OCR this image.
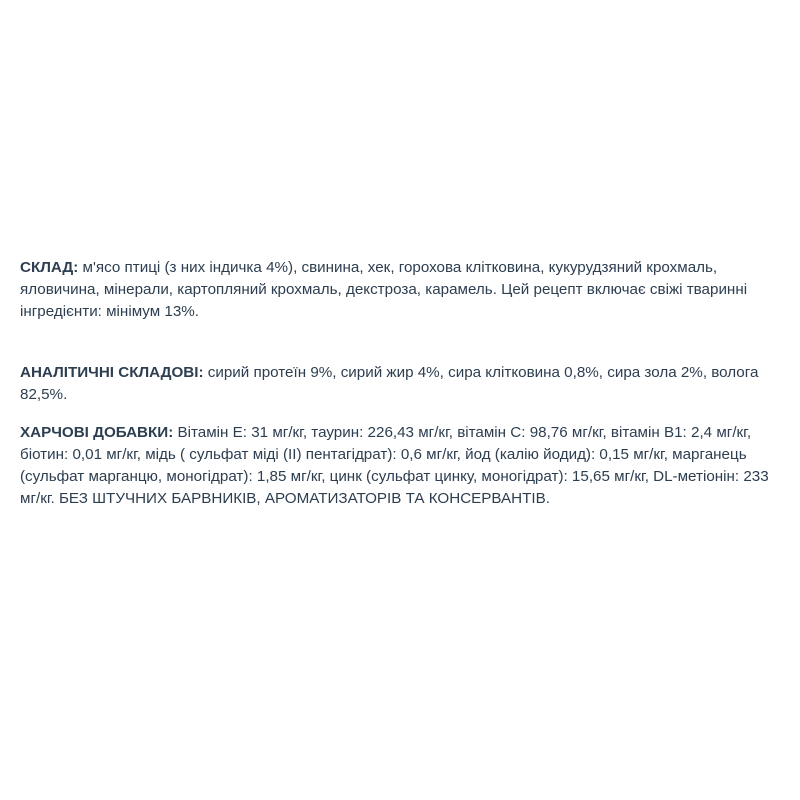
СКЛАД: м'ясо птиці (з них індичка 4%), свинина, хек, горохова клітковина, кукурудзяний крохмаль, яловичина, мінерали, картопляний крохмаль, декстроза, карамель. Цей рецепт включає свіжі тваринні інгредієнти: мінімум 13%.

АНАЛІТИЧНІ СКЛАДОВІ: сирий протеїн 9%, сирий жир 4%, сира клітковина 0,8%, сира зола 2%, волога 82,5%.

ХАРЧОВІ ДОБАВКИ: Вітамін Е: 31 мг/кг, таурин: 226,43 мг/кг, вітамін С: 98,76 мг/кг, вітамін В1: 2,4 мг/кг, біотин: 0,01 мг/кг, мідь ( сульфат міді (ІІ) пентагідрат): 0,6 мг/кг, йод (калію йодид): 0,15 мг/кг, марганець (сульфат марганцю, моногідрат): 1,85 мг/кг, цинк (сульфат цинку, моногідрат): 15,65 мг/кг, DL-метіонін: 233 мг/кг. БЕЗ ШТУЧНИХ БАРВНИКІВ, АРОМАТИЗАТОРІВ ТА КОНСЕРВАНТІВ.
